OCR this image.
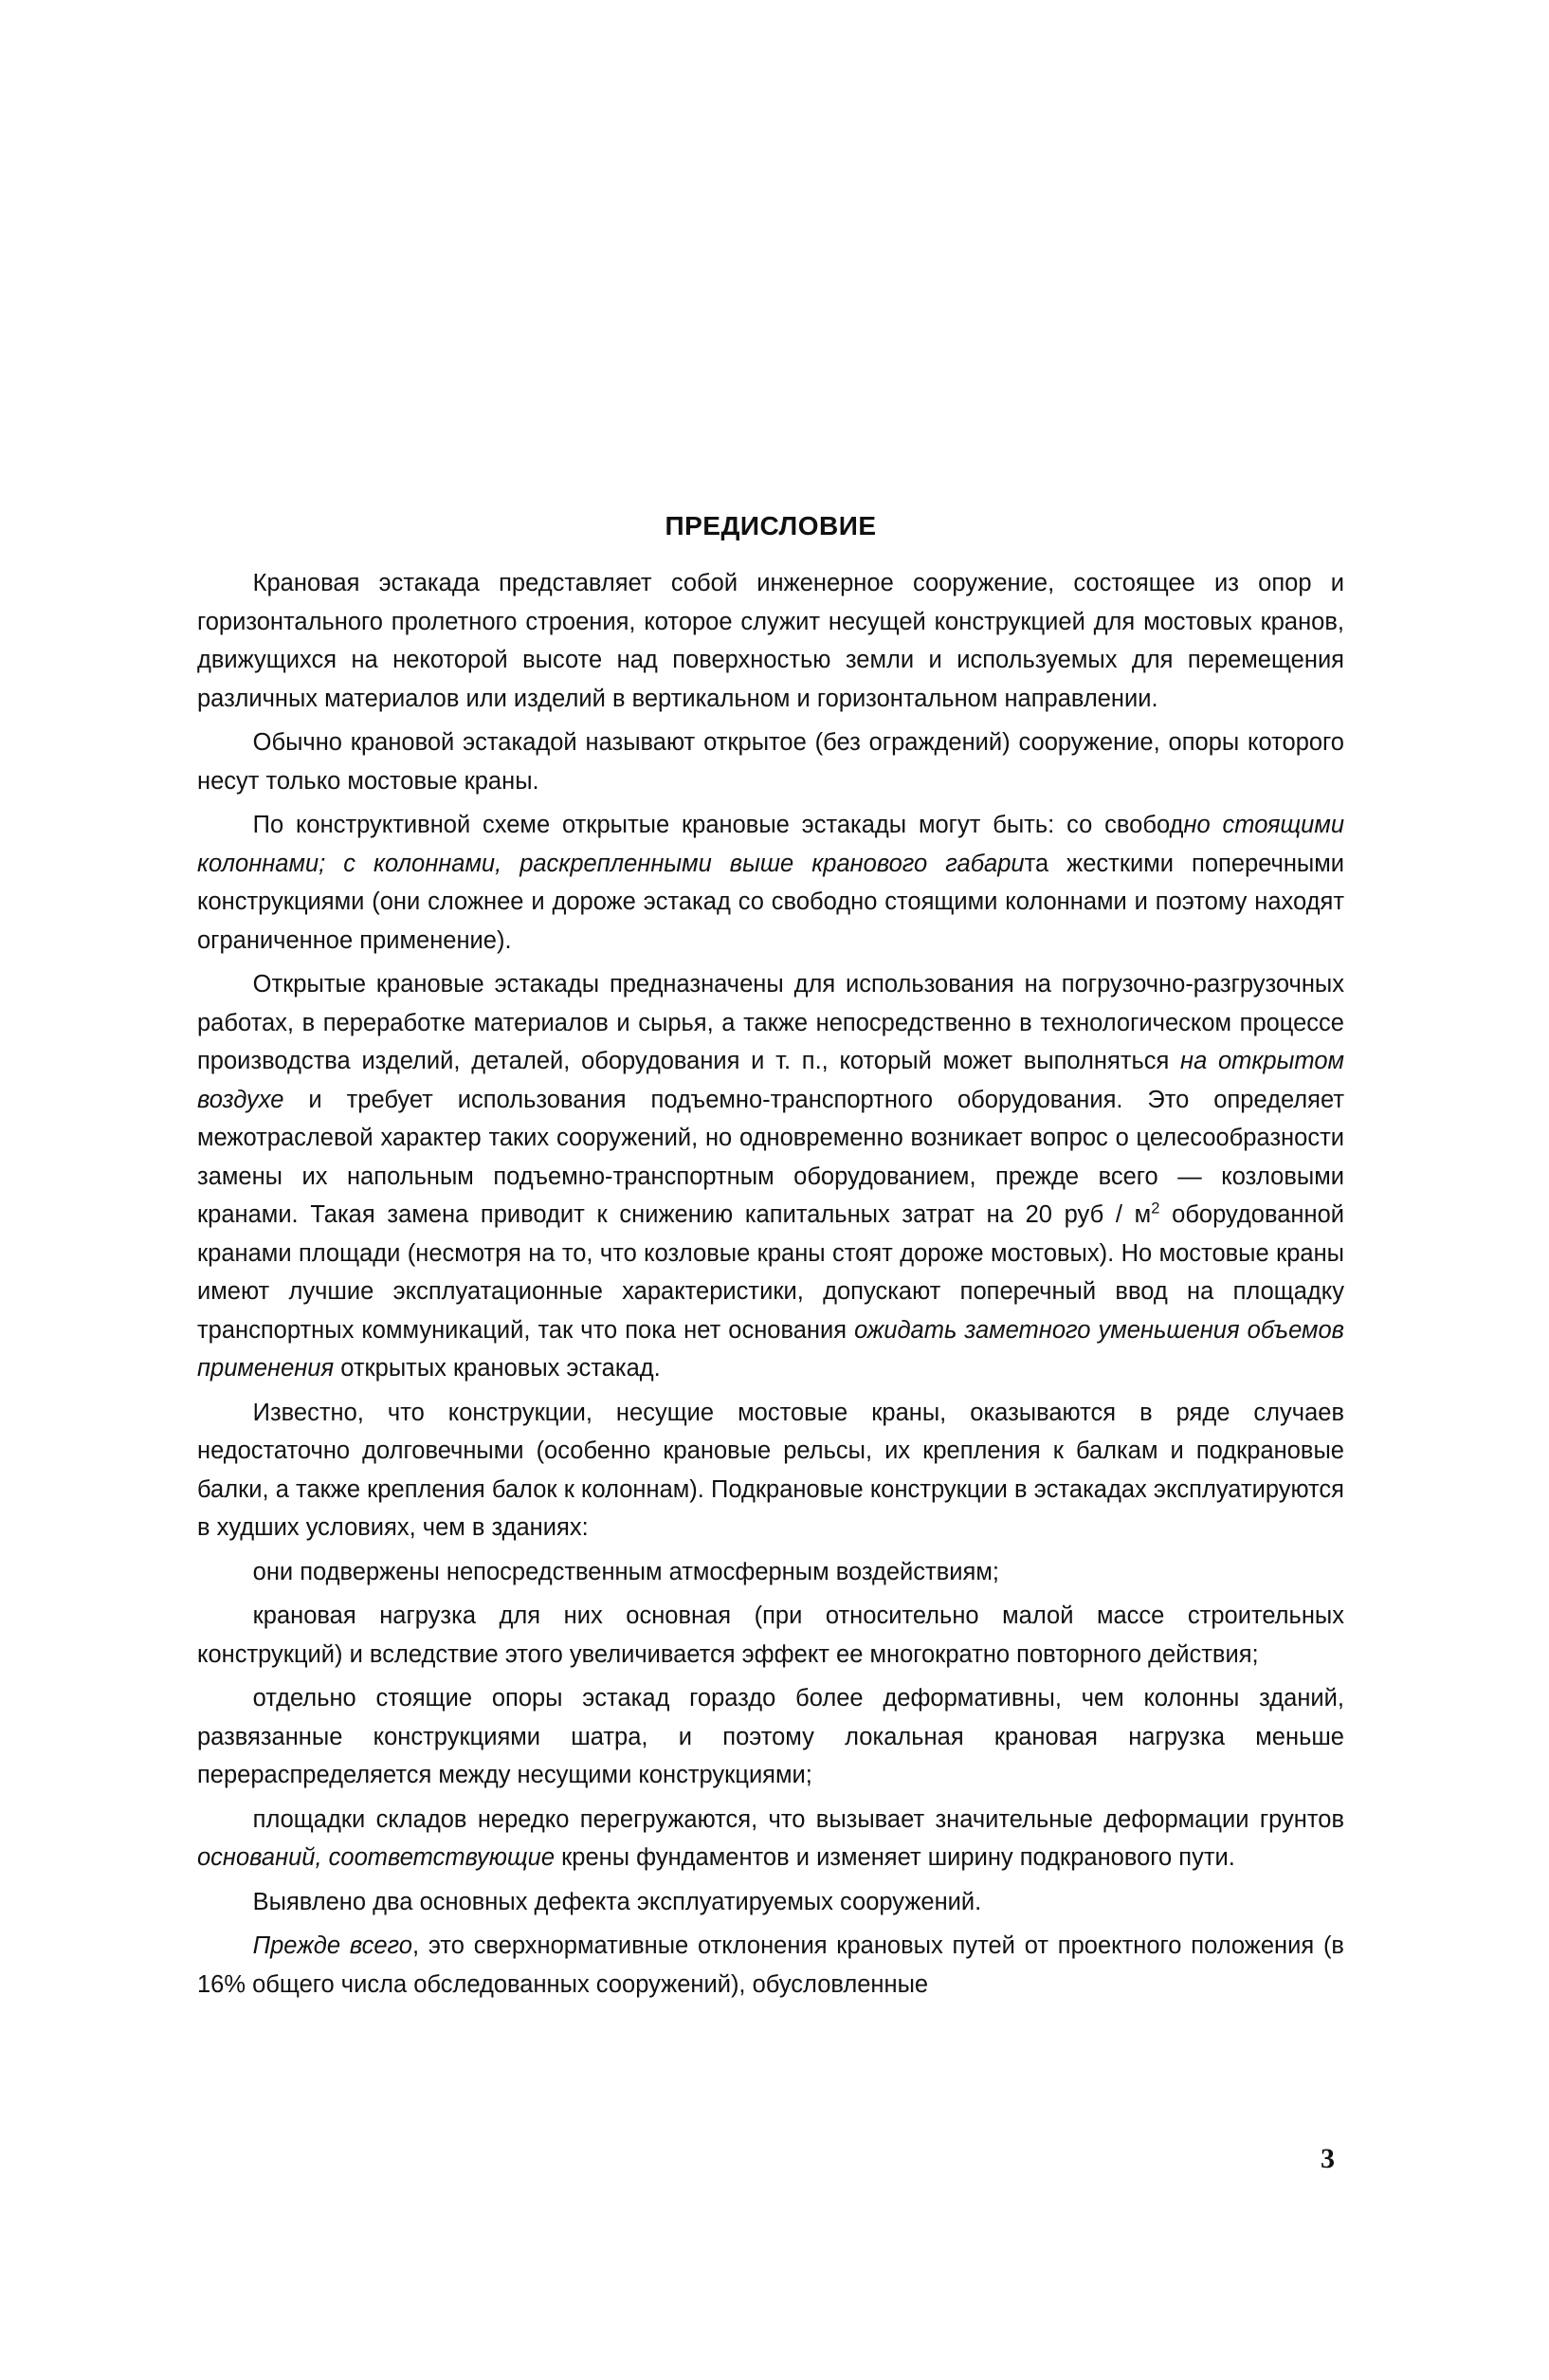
ПРЕДИСЛОВИЕ

Крановая эстакада представляет собой инженерное сооружение, состоящее из опор и горизонтального пролетного строения, которое служит несущей конструкцией для мостовых кранов, движущихся на некоторой высоте над поверхностью земли и используемых для перемещения различных материалов или изделий в вертикальном и горизонтальном направлении.

Обычно крановой эстакадой называют открытое (без ограждений) сооружение, опоры которого несут только мостовые краны.

По конструктивной схеме открытые крановые эстакады могут быть: со свободно стоящими колоннами; с колоннами, раскрепленными выше кранового габарита жесткими поперечными конструкциями (они сложнее и дороже эстакад со свободно стоящими колоннами и поэтому находят ограниченное применение).

Открытые крановые эстакады предназначены для использования на погрузочно-разгрузочных работах, в переработке материалов и сырья, а также непосредственно в технологическом процессе производства изделий, деталей, оборудования и т. п., который может выполняться на открытом воздухе и требует использования подъемно-транспортного оборудования. Это определяет межотраслевой характер таких сооружений, но одновременно возникает вопрос о целесообразности замены их напольным подъемно-транспортным оборудованием, прежде всего — козловыми кранами. Такая замена приводит к снижению капитальных затрат на 20 руб / $м^2$ оборудованной кранами площади (несмотря на то, что козловые краны стоят дороже мостовых). Но мостовые краны имеют лучшие эксплуатационные характеристики, допускают поперечный ввод на площадку транспортных коммуникаций, так что пока нет основания ожидать заметного уменьшения объемов применения открытых крановых эстакад.

Известно, что конструкции, несущие мостовые краны, оказываются в ряде случаев недостаточно долговечными (особенно крановые рельсы, их крепления к балкам и подкрановые балки, а также крепления балок к колоннам). Подкрановые конструкции в эстакадах эксплуатируются в худших условиях, чем в зданиях:

они подвержены непосредственным атмосферным воздействиям;

крановая нагрузка для них основная (при относительно малой массе строительных конструкций) и вследствие этого увеличивается эффект ее многократно повторного действия;

отдельно стоящие опоры эстакад гораздо более деформативны, чем колонны зданий, развязанные конструкциями шатра, и поэтому локальная крановая нагрузка меньше перераспределяется между несущими конструкциями;

площадки складов нередко перегружаются, что вызывает значительные деформации грунтов оснований, соответствующие крены фундаментов и изменяет ширину подкранового пути.

Выявлено два основных дефекта эксплуатируемых сооружений.

Прежде всего, это сверхнормативные отклонения крановых путей от проектного положения (в 16% общего числа обследованных сооружений), обусловленные

3
